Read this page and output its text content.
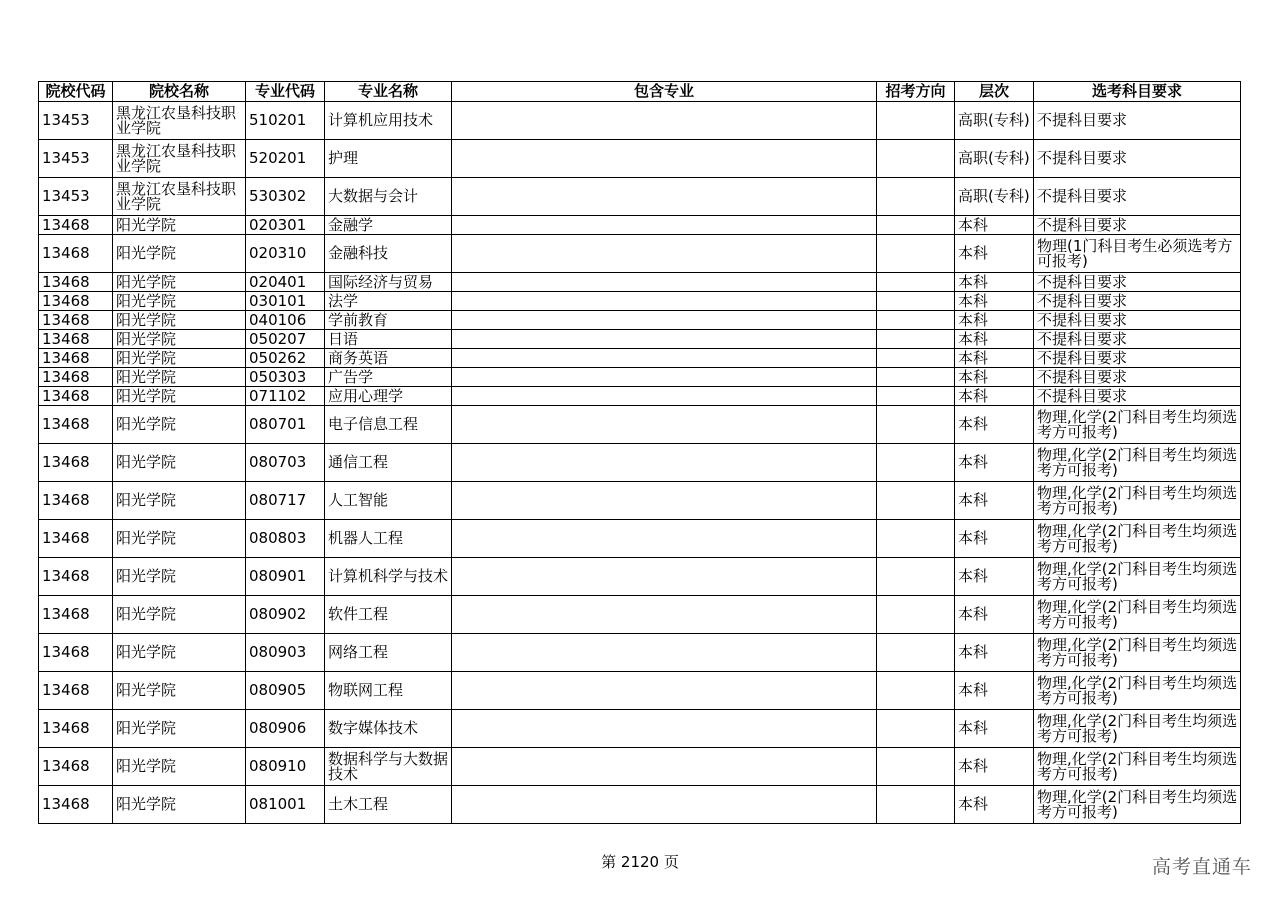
院校代码	院校名称	专业代码	专业名称	包含专业	招考方向	层次	选考科目要求
13453	黑龙江农垦科技职业学院	510201	计算机应用技术			高职(专科)	不提科目要求
13453	黑龙江农垦科技职业学院	520201	护理			高职(专科)	不提科目要求
13453	黑龙江农垦科技职业学院	530302	大数据与会计			高职(专科)	不提科目要求
13468	阳光学院	020301	金融学			本科	不提科目要求
13468	阳光学院	020310	金融科技			本科	物理(1门科目考生必须选考方可报考)
13468	阳光学院	020401	国际经济与贸易			本科	不提科目要求
13468	阳光学院	030101	法学			本科	不提科目要求
13468	阳光学院	040106	学前教育			本科	不提科目要求
13468	阳光学院	050207	日语			本科	不提科目要求
13468	阳光学院	050262	商务英语			本科	不提科目要求
13468	阳光学院	050303	广告学			本科	不提科目要求
13468	阳光学院	071102	应用心理学			本科	不提科目要求
13468	阳光学院	080701	电子信息工程			本科	物理,化学(2门科目考生均须选考方可报考)
13468	阳光学院	080703	通信工程			本科	物理,化学(2门科目考生均须选考方可报考)
13468	阳光学院	080717	人工智能			本科	物理,化学(2门科目考生均须选考方可报考)
13468	阳光学院	080803	机器人工程			本科	物理,化学(2门科目考生均须选考方可报考)
13468	阳光学院	080901	计算机科学与技术			本科	物理,化学(2门科目考生均须选考方可报考)
13468	阳光学院	080902	软件工程			本科	物理,化学(2门科目考生均须选考方可报考)
13468	阳光学院	080903	网络工程			本科	物理,化学(2门科目考生均须选考方可报考)
13468	阳光学院	080905	物联网工程			本科	物理,化学(2门科目考生均须选考方可报考)
13468	阳光学院	080906	数字媒体技术			本科	物理,化学(2门科目考生均须选考方可报考)
13468	阳光学院	080910	数据科学与大数据技术			本科	物理,化学(2门科目考生均须选考方可报考)
13468	阳光学院	081001	土木工程			本科	物理,化学(2门科目考生均须选考方可报考)
第 2120 页	高考直通车
